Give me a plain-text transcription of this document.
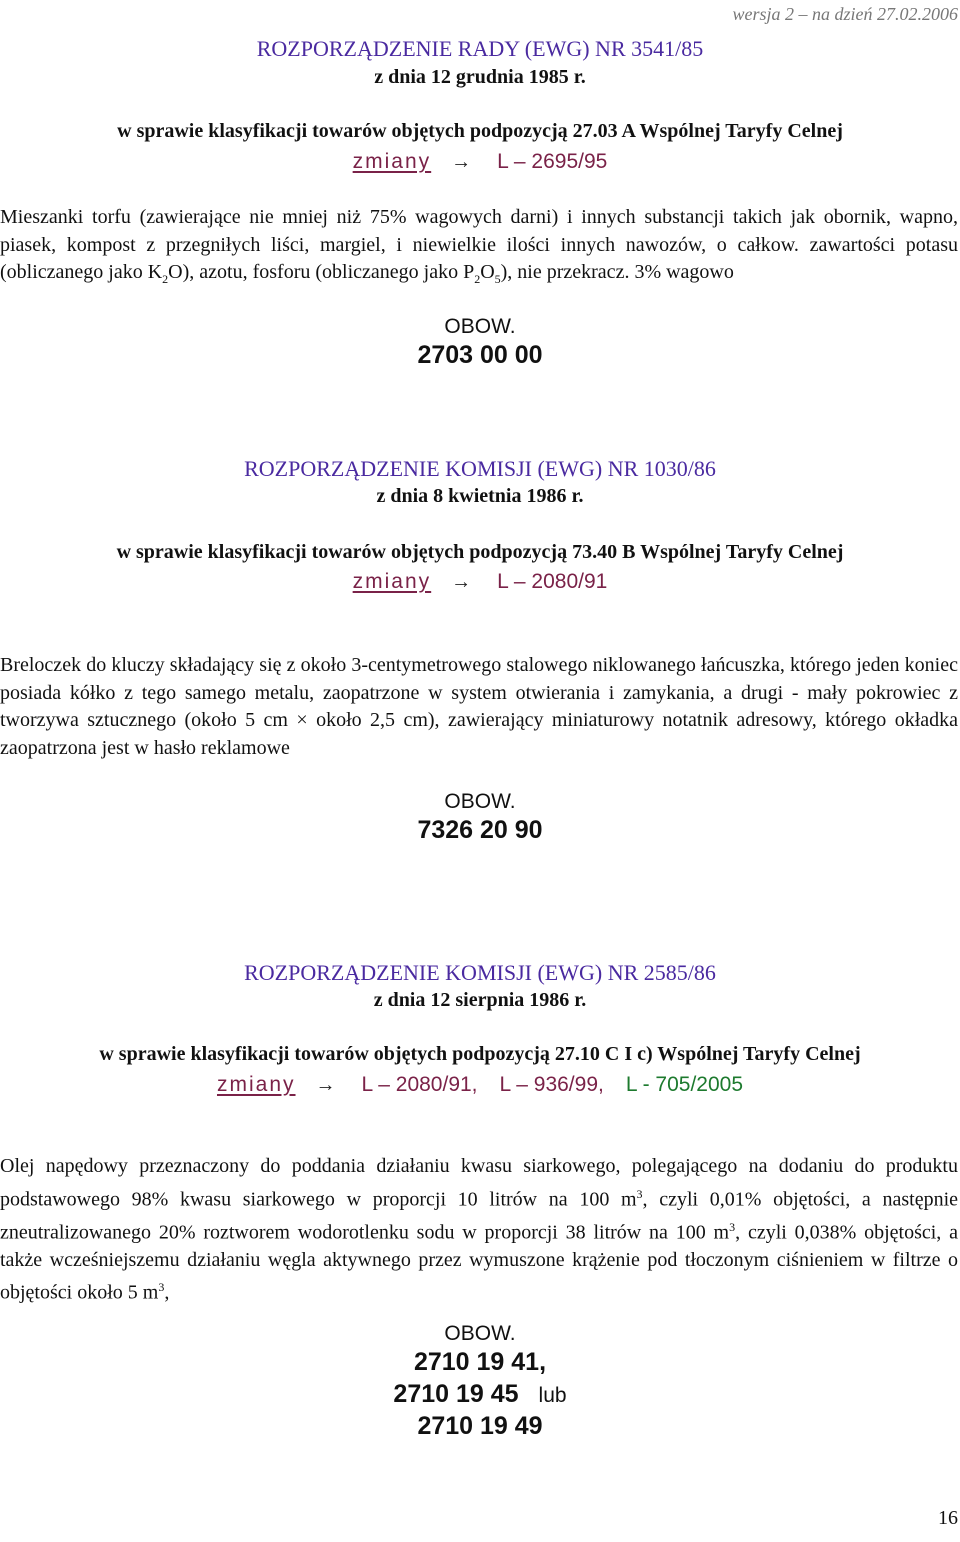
wersja 2 – na dzień 27.02.2006
ROZPORZĄDZENIE RADY (EWG) NR 3541/85
z dnia 12 grudnia 1985 r.
w sprawie klasyfikacji towarów objętych podpozycją 27.03 A Wspólnej Taryfy Celnej
zmiany → L – 2695/95
Mieszanki torfu (zawierające nie mniej niż 75% wagowych darni) i innych substancji takich jak obornik, wapno, piasek, kompost z przegniłych liści, margiel, i niewielkie ilości innych nawozów, o całkow. zawartości potasu (obliczanego jako $K_2O$), azotu, fosforu (obliczanego jako $P_2O_5$), nie przekracz. 3% wagowo
OBOW.
2703 00 00
ROZPORZĄDZENIE KOMISJI (EWG) NR 1030/86
z dnia 8 kwietnia 1986 r.
w sprawie klasyfikacji towarów objętych podpozycją 73.40 B Wspólnej Taryfy Celnej
zmiany → L – 2080/91
Breloczek do kluczy składający się z około 3-centymetrowego stalowego niklowanego łańcuszka, którego jeden koniec posiada kółko z tego samego metalu, zaopatrzone w system otwierania i zamykania, a drugi - mały pokrowiec z tworzywa sztucznego (około 5 cm × około 2,5 cm), zawierający miniaturowy notatnik adresowy, którego okładka zaopatrzona jest w hasło reklamowe
OBOW.
7326 20 90
ROZPORZĄDZENIE KOMISJI (EWG) NR 2585/86
z dnia 12 sierpnia 1986 r.
w sprawie klasyfikacji towarów objętych podpozycją 27.10 C I c) Wspólnej Taryfy Celnej
zmiany → L – 2080/91, L – 936/99, L - 705/2005
Olej napędowy przeznaczony do poddania działaniu kwasu siarkowego, polegającego na dodaniu do produktu podstawowego 98% kwasu siarkowego w proporcji 10 litrów na 100 $m^3$, czyli 0,01% objętości, a następnie zneutralizowanego 20% roztworem wodorotlenku sodu w proporcji 38 litrów na 100 $m^3$, czyli 0,038% objętości, a także wcześniejszemu działaniu węgla aktywnego przez wymuszone krążenie pod tłoczonym ciśnieniem w filtrze o objętości około 5 $m^3$,
OBOW.
2710 19 41,
2710 19 45 lub
2710 19 49
16
